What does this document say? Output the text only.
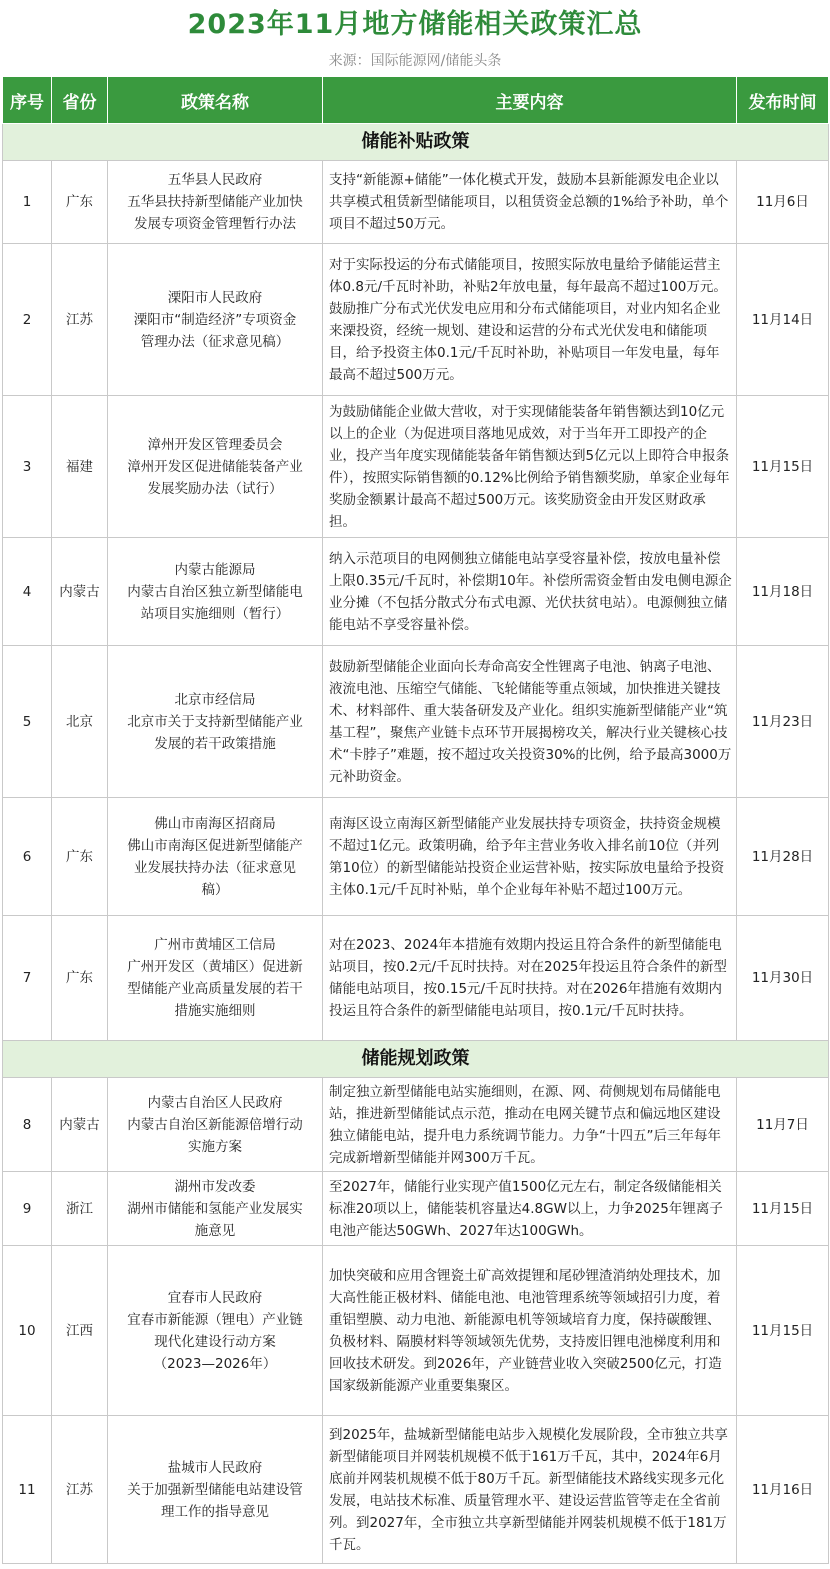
2023年11月地方储能相关政策汇总
来源：国际能源网/储能头条
序号	省份	政策名称	主要内容	发布时间
储能补贴政策				
1	广东	五华县人民政府
五华县扶持新型储能产业加快
发展专项资金管理暂行办法	支持“新能源+储能”一体化模式开发，鼓励本县新能源发电企业以共享模式租赁新型储能项目，以租赁资金总额的1%给予补助，单个项目不超过50万元。	11月6日
2	江苏	溧阳市人民政府
溧阳市“制造经济”专项资金
管理办法（征求意见稿）	对于实际投运的分布式储能项目，按照实际放电量给予储能运营主体0.8元/千瓦时补助，补贴2年放电量，每年最高不超过100万元。鼓励推广分布式光伏发电应用和分布式储能项目，对业内知名企业来溧投资，经统一规划、建设和运营的分布式光伏发电和储能项目，给予投资主体0.1元/千瓦时补助，补贴项目一年发电量，每年最高不超过500万元。	11月14日
3	福建	漳州开发区管理委员会
漳州开发区促进储能装备产业
发展奖励办法（试行）	为鼓励储能企业做大营收，对于实现储能装备年销售额达到10亿元以上的企业（为促进项目落地见成效，对于当年开工即投产的企业，投产当年度实现储能装备年销售额达到5亿元以上即符合申报条件），按照实际销售额的0.12%比例给予销售额奖励，单家企业每年奖励金额累计最高不超过500万元。该奖励资金由开发区财政承担。	11月15日
4	内蒙古	内蒙古能源局
内蒙古自治区独立新型储能电
站项目实施细则（暂行）	纳入示范项目的电网侧独立储能电站享受容量补偿，按放电量补偿上限0.35元/千瓦时，补偿期10年。补偿所需资金暂由发电侧电源企业分摊（不包括分散式分布式电源、光伏扶贫电站）。电源侧独立储能电站不享受容量补偿。	11月18日
5	北京	北京市经信局
北京市关于支持新型储能产业
发展的若干政策措施	鼓励新型储能企业面向长寿命高安全性锂离子电池、钠离子电池、液流电池、压缩空气储能、飞轮储能等重点领域，加快推进关键技术、材料部件、重大装备研发及产业化。组织实施新型储能产业“筑基工程”，聚焦产业链卡点环节开展揭榜攻关，解决行业关键核心技术“卡脖子”难题，按不超过攻关投资30%的比例，给予最高3000万元补助资金。	11月23日
6	广东	佛山市南海区招商局
佛山市南海区促进新型储能产
业发展扶持办法（征求意见
稿）	南海区设立南海区新型储能产业发展扶持专项资金，扶持资金规模不超过1亿元。政策明确，给予年主营业务收入排名前10位（并列第10位）的新型储能站投资企业运营补贴，按实际放电量给予投资主体0.1元/千瓦时补贴，单个企业每年补贴不超过100万元。	11月28日
7	广东	广州市黄埔区工信局
广州开发区（黄埔区）促进新
型储能产业高质量发展的若干
措施实施细则	对在2023、2024年本措施有效期内投运且符合条件的新型储能电站项目，按0.2元/千瓦时扶持。对在2025年投运且符合条件的新型储能电站项目，按0.15元/千瓦时扶持。对在2026年措施有效期内投运且符合条件的新型储能电站项目，按0.1元/千瓦时扶持。	11月30日
储能规划政策				
8	内蒙古	内蒙古自治区人民政府
内蒙古自治区新能源倍增行动
实施方案	制定独立新型储能电站实施细则，在源、网、荷侧规划布局储能电站，推进新型储能试点示范，推动在电网关键节点和偏远地区建设独立储能电站，提升电力系统调节能力。力争“十四五”后三年每年完成新增新型储能并网300万千瓦。	11月7日
9	浙江	湖州市发改委
湖州市储能和氢能产业发展实
施意见	至2027年，储能行业实现产值1500亿元左右，制定各级储能相关标准20项以上，储能装机容量达4.8GW以上，力争2025年锂离子电池产能达50GWh、2027年达100GWh。	11月15日
10	江西	宜春市人民政府
宜春市新能源（锂电）产业链
现代化建设行动方案
（2023—2026年）	加快突破和应用含锂瓷土矿高效提锂和尾砂锂渣消纳处理技术，加大高性能正极材料、储能电池、电池管理系统等领域招引力度，着重铝塑膜、动力电池、新能源电机等领域培育力度，保持碳酸锂、负极材料、隔膜材料等领域领先优势，支持废旧锂电池梯度利用和回收技术研发。到2026年，产业链营业收入突破2500亿元，打造国家级新能源产业重要集聚区。	11月15日
11	江苏	盐城市人民政府
关于加强新型储能电站建设管
理工作的指导意见	到2025年，盐城新型储能电站步入规模化发展阶段，全市独立共享新型储能项目并网装机规模不低于161万千瓦，其中，2024年6月底前并网装机规模不低于80万千瓦。新型储能技术路线实现多元化发展，电站技术标准、质量管理水平、建设运营监管等走在全省前列。到2027年，全市独立共享新型储能并网装机规模不低于181万千瓦。	11月16日
